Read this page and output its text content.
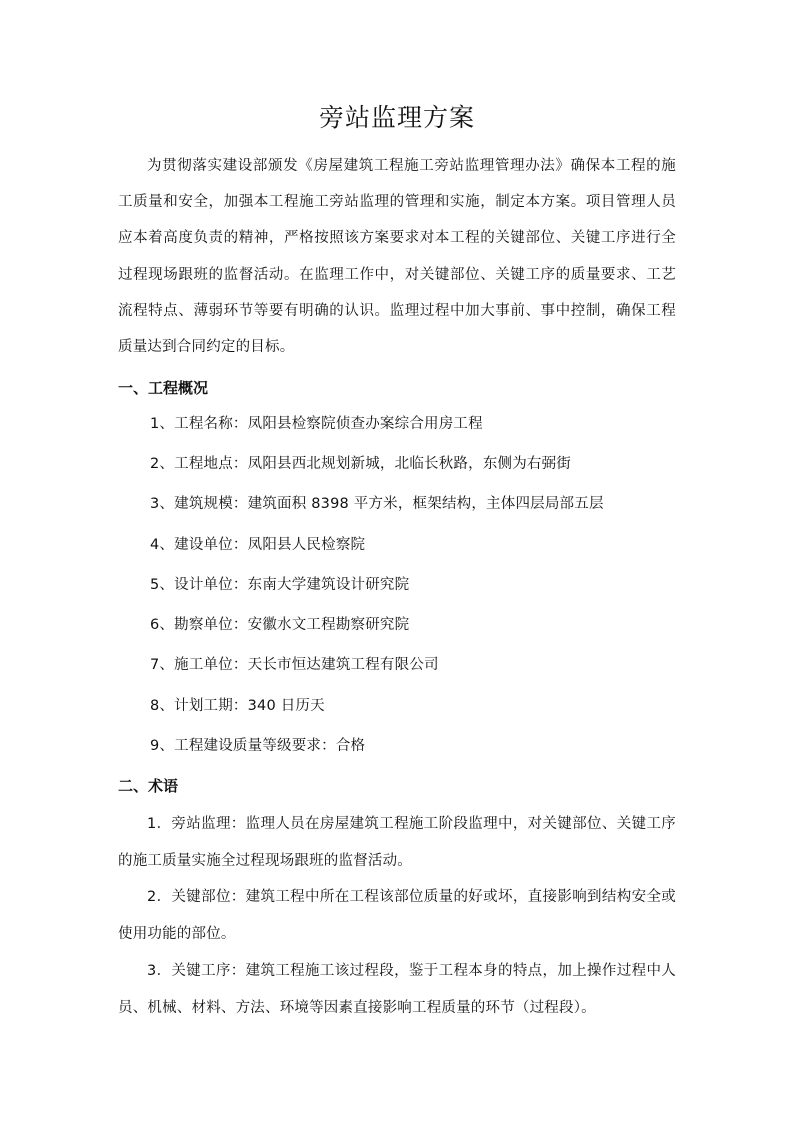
旁站监理方案
为贯彻落实建设部颁发《房屋建筑工程施工旁站监理管理办法》确保本工程的施工质量和安全，加强本工程施工旁站监理的管理和实施，制定本方案。项目管理人员应本着高度负责的精神，严格按照该方案要求对本工程的关键部位、关键工序进行全过程现场跟班的监督活动。在监理工作中，对关键部位、关键工序的质量要求、工艺流程特点、薄弱环节等要有明确的认识。监理过程中加大事前、事中控制，确保工程质量达到合同约定的目标。
一、工程概况
1、工程名称：凤阳县检察院侦查办案综合用房工程
2、工程地点：凤阳县西北规划新城，北临长秋路，东侧为右弼街
3、建筑规模：建筑面积 8398 平方米，框架结构，主体四层局部五层
4、建设单位：凤阳县人民检察院
5、设计单位：东南大学建筑设计研究院
6、勘察单位：安徽水文工程勘察研究院
7、施工单位：天长市恒达建筑工程有限公司
8、计划工期：340 日历天
9、工程建设质量等级要求：合格
二、术语
1．旁站监理：监理人员在房屋建筑工程施工阶段监理中，对关键部位、关键工序的施工质量实施全过程现场跟班的监督活动。
2．关键部位：建筑工程中所在工程该部位质量的好或坏，直接影响到结构安全或使用功能的部位。
3．关键工序：建筑工程施工该过程段，鉴于工程本身的特点，加上操作过程中人员、机械、材料、方法、环境等因素直接影响工程质量的环节（过程段）。
